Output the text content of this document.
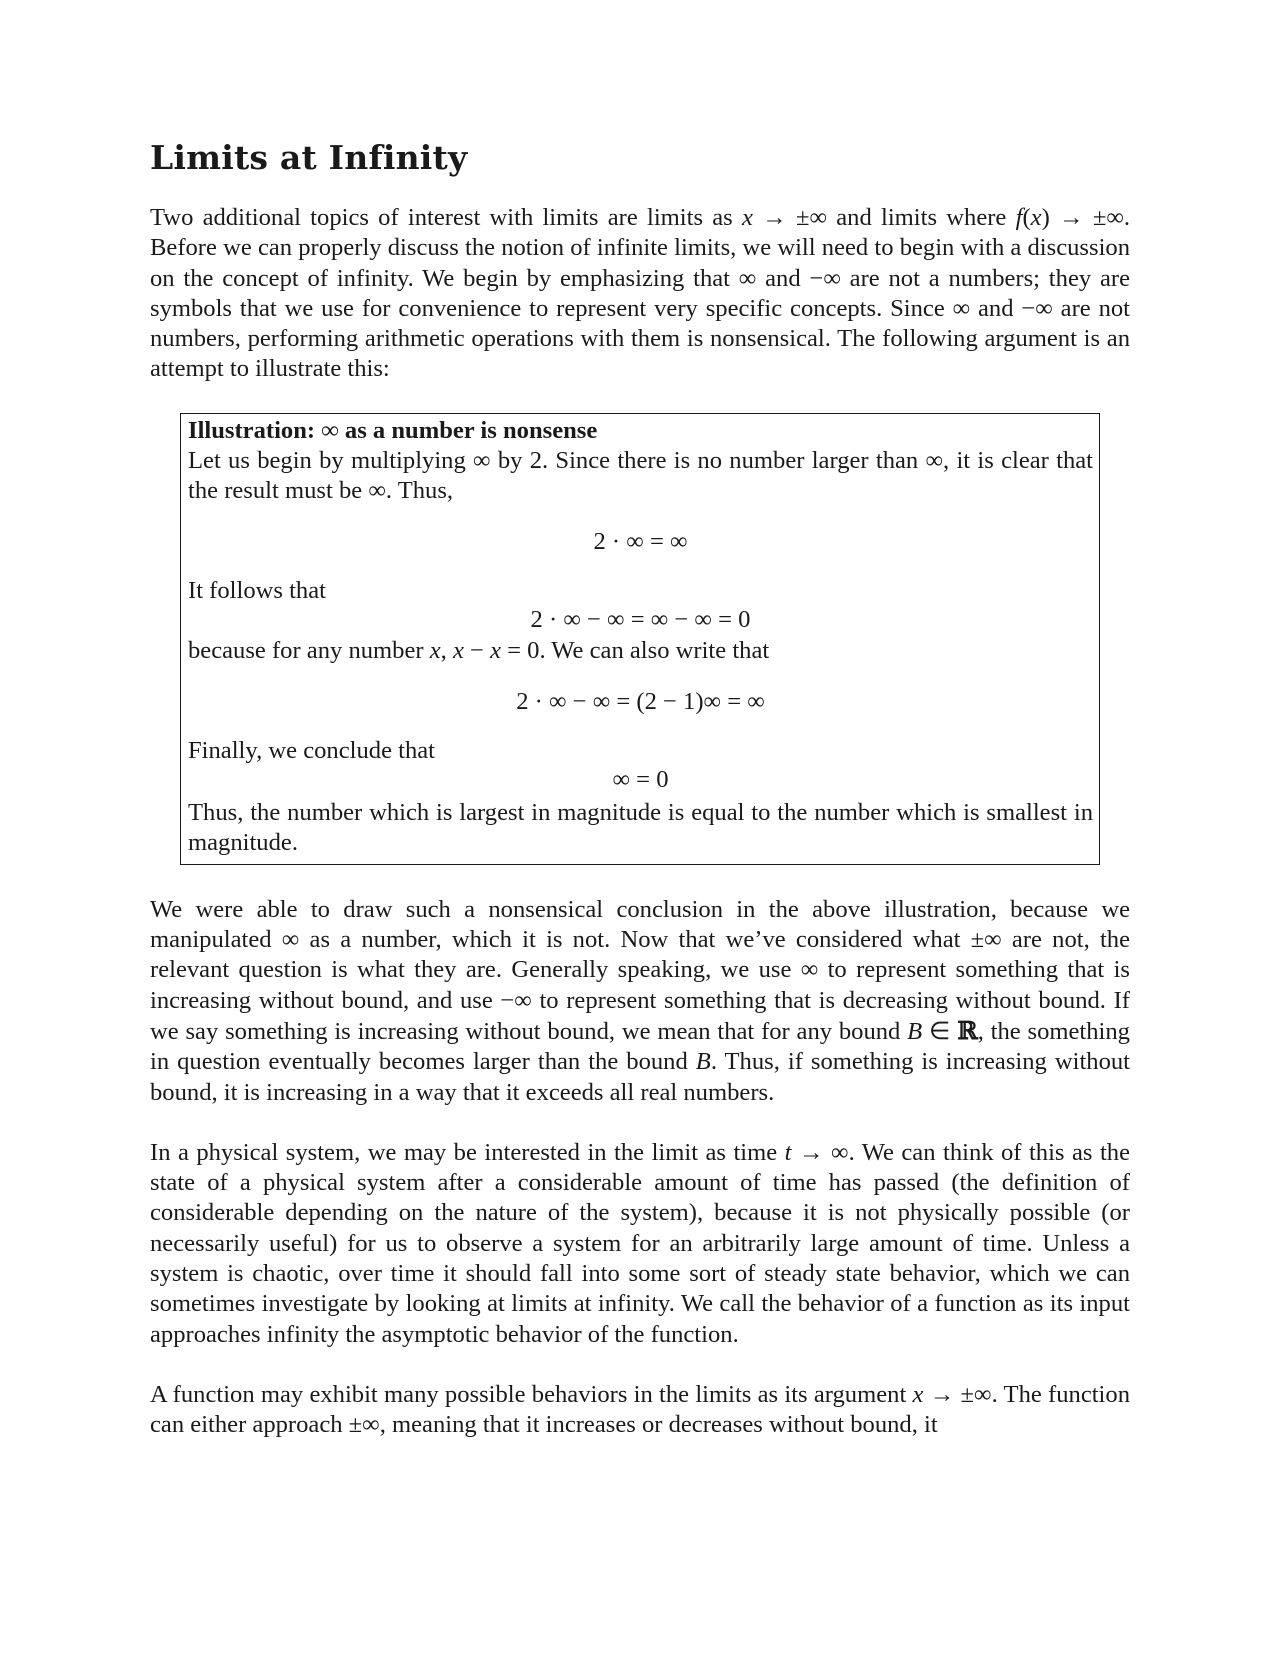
Limits at Infinity

Two additional topics of interest with limits are limits as x → ±∞ and limits where f(x) → ±∞. Before we can properly discuss the notion of infinite limits, we will need to begin with a discussion on the concept of infinity. We begin by emphasizing that ∞ and −∞ are not a numbers; they are symbols that we use for convenience to represent very specific concepts. Since ∞ and −∞ are not numbers, performing arithmetic operations with them is nonsensical. The following argument is an attempt to illustrate this:

Illustration: ∞ as a number is nonsense

Let us begin by multiplying ∞ by 2. Since there is no number larger than ∞, it is clear that the result must be ∞. Thus,

2 · ∞ = ∞

It follows that

2 · ∞ − ∞ = ∞ − ∞ = 0

because for any number x, x − x = 0. We can also write that

2 · ∞ − ∞ = (2 − 1)∞ = ∞

Finally, we conclude that

∞ = 0

Thus, the number which is largest in magnitude is equal to the number which is smallest in magnitude.

We were able to draw such a nonsensical conclusion in the above illustration, because we manipulated ∞ as a number, which it is not. Now that we’ve considered what ±∞ are not, the relevant question is what they are. Generally speaking, we use ∞ to represent something that is increasing without bound, and use −∞ to represent something that is decreasing without bound. If we say something is increasing without bound, we mean that for any bound B ∈ ℝ, the something in question eventually becomes larger than the bound B. Thus, if something is increasing without bound, it is increasing in a way that it exceeds all real numbers.

In a physical system, we may be interested in the limit as time t → ∞. We can think of this as the state of a physical system after a considerable amount of time has passed (the definition of considerable depending on the nature of the system), because it is not physically possible (or necessarily useful) for us to observe a system for an arbitrarily large amount of time. Unless a system is chaotic, over time it should fall into some sort of steady state behavior, which we can sometimes investigate by looking at limits at infinity. We call the behavior of a function as its input approaches infinity the asymptotic behavior of the function.

A function may exhibit many possible behaviors in the limits as its argument x → ±∞. The function can either approach ±∞, meaning that it increases or decreases without bound, it
